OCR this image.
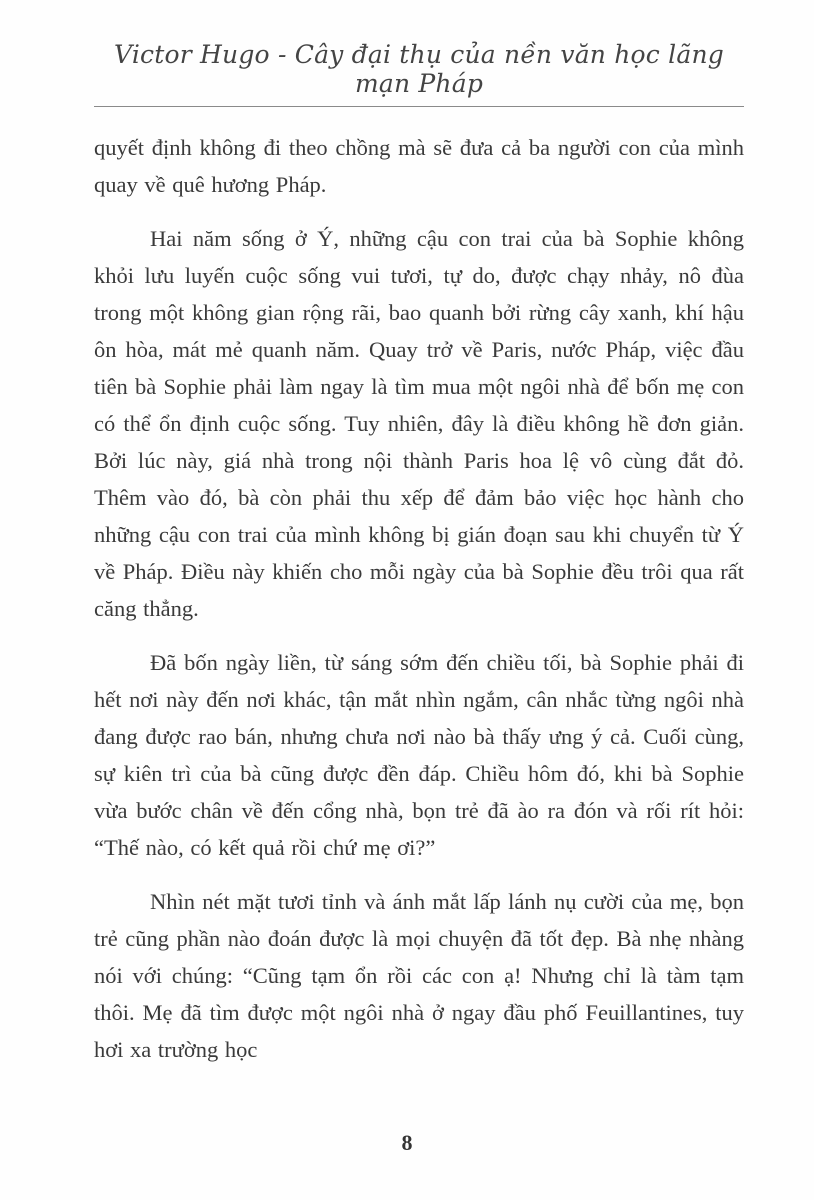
Victor Hugo - Cây đại thụ của nền văn học lãng mạn Pháp

quyết định không đi theo chồng mà sẽ đưa cả ba người con của mình quay về quê hương Pháp.

Hai năm sống ở Ý, những cậu con trai của bà Sophie không khỏi lưu luyến cuộc sống vui tươi, tự do, được chạy nhảy, nô đùa trong một không gian rộng rãi, bao quanh bởi rừng cây xanh, khí hậu ôn hòa, mát mẻ quanh năm. Quay trở về Paris, nước Pháp, việc đầu tiên bà Sophie phải làm ngay là tìm mua một ngôi nhà để bốn mẹ con có thể ổn định cuộc sống. Tuy nhiên, đây là điều không hề đơn giản. Bởi lúc này, giá nhà trong nội thành Paris hoa lệ vô cùng đắt đỏ. Thêm vào đó, bà còn phải thu xếp để đảm bảo việc học hành cho những cậu con trai của mình không bị gián đoạn sau khi chuyển từ Ý về Pháp. Điều này khiến cho mỗi ngày của bà Sophie đều trôi qua rất căng thẳng.

Đã bốn ngày liền, từ sáng sớm đến chiều tối, bà Sophie phải đi hết nơi này đến nơi khác, tận mắt nhìn ngắm, cân nhắc từng ngôi nhà đang được rao bán, nhưng chưa nơi nào bà thấy ưng ý cả. Cuối cùng, sự kiên trì của bà cũng được đền đáp. Chiều hôm đó, khi bà Sophie vừa bước chân về đến cổng nhà, bọn trẻ đã ào ra đón và rối rít hỏi: “Thế nào, có kết quả rồi chứ mẹ ơi?”

Nhìn nét mặt tươi tỉnh và ánh mắt lấp lánh nụ cười của mẹ, bọn trẻ cũng phần nào đoán được là mọi chuyện đã tốt đẹp. Bà nhẹ nhàng nói với chúng: “Cũng tạm ổn rồi các con ạ! Nhưng chỉ là tàm tạm thôi. Mẹ đã tìm được một ngôi nhà ở ngay đầu phố Feuillantines, tuy hơi xa trường học

8
